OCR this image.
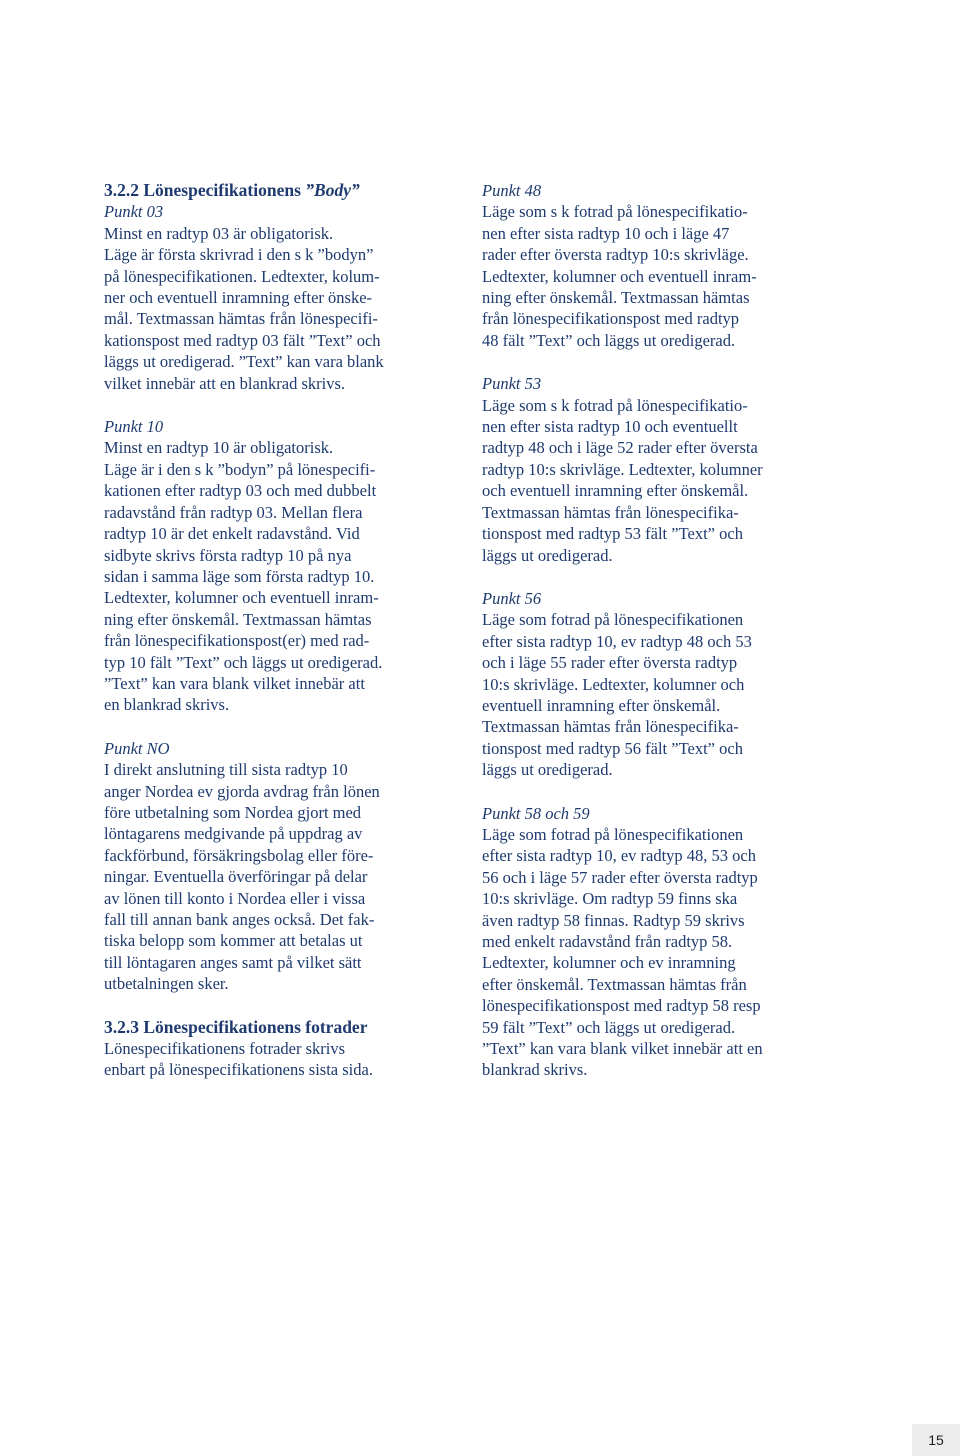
3.2.2 Lönespecifikationens ”Body”

Punkt 03

Minst en radtyp 03 är obligatorisk.

Läge är första skrivrad i den s k ”bodyn”

på lönespecifikationen. Ledtexter, kolum-

ner och eventuell inramning efter önske-

mål. Textmassan hämtas från lönespecifi-

kationspost med radtyp 03 fält ”Text” och

läggs ut oredigerad. ”Text” kan vara blank

vilket innebär att en blankrad skrivs.

Punkt 10

Minst en radtyp 10 är obligatorisk.

Läge är i den s k ”bodyn” på lönespecifi-

kationen efter radtyp 03 och med dubbelt

radavstånd från radtyp 03. Mellan flera

radtyp 10 är det enkelt radavstånd. Vid

sidbyte skrivs första radtyp 10 på nya

sidan i samma läge som första radtyp 10.

Ledtexter, kolumner och eventuell inram-

ning efter önskemål. Textmassan hämtas

från lönespecifikationspost(er) med rad-

typ 10 fält ”Text” och läggs ut oredigerad.

”Text” kan vara blank vilket innebär att

en blankrad skrivs.

Punkt NO

I direkt anslutning till sista radtyp 10

anger Nordea ev gjorda avdrag från lönen

före utbetalning som Nordea gjort med

löntagarens medgivande på uppdrag av

fackförbund, försäkringsbolag eller före-

ningar. Eventuella överföringar på delar

av lönen till konto i Nordea eller i vissa

fall till annan bank anges också. Det fak-

tiska belopp som kommer att betalas ut

till löntagaren anges samt på vilket sätt

utbetalningen sker.

3.2.3 Lönespecifikationens fotrader

Lönespecifikationens fotrader skrivs

enbart på lönespecifikationens sista sida.

Punkt 48

Läge som s k fotrad på lönespecifikatio-

nen efter sista radtyp 10 och i läge 47

rader efter översta radtyp 10:s skrivläge.

Ledtexter, kolumner och eventuell inram-

ning efter önskemål. Textmassan hämtas

från lönespecifikationspost med radtyp

48 fält ”Text” och läggs ut oredigerad.

Punkt 53

Läge som s k fotrad på lönespecifikatio-

nen efter sista radtyp 10 och eventuellt

radtyp 48 och i läge 52 rader efter översta

radtyp 10:s skrivläge. Ledtexter, kolumner

och eventuell inramning efter önskemål.

Textmassan hämtas från lönespecifika-

tionspost med radtyp 53 fält ”Text” och

läggs ut oredigerad.

Punkt 56

Läge som fotrad på lönespecifikationen

efter sista radtyp 10, ev radtyp 48 och 53

och i läge 55 rader efter översta radtyp

10:s skrivläge. Ledtexter, kolumner och

eventuell inramning efter önskemål.

Textmassan hämtas från lönespecifika-

tionspost med radtyp 56 fält ”Text” och

läggs ut oredigerad.

Punkt 58 och 59

Läge som fotrad på lönespecifikationen

efter sista radtyp 10, ev radtyp 48, 53 och

56 och i läge 57 rader efter översta radtyp

10:s skrivläge. Om radtyp 59 finns ska

även radtyp 58 finnas. Radtyp 59 skrivs

med enkelt radavstånd från radtyp 58.

Ledtexter, kolumner och ev inramning

efter önskemål. Textmassan hämtas från

lönespecifikationspost med radtyp 58 resp

59 fält ”Text” och läggs ut oredigerad.

”Text” kan vara blank vilket innebär att en

blankrad skrivs.

15
